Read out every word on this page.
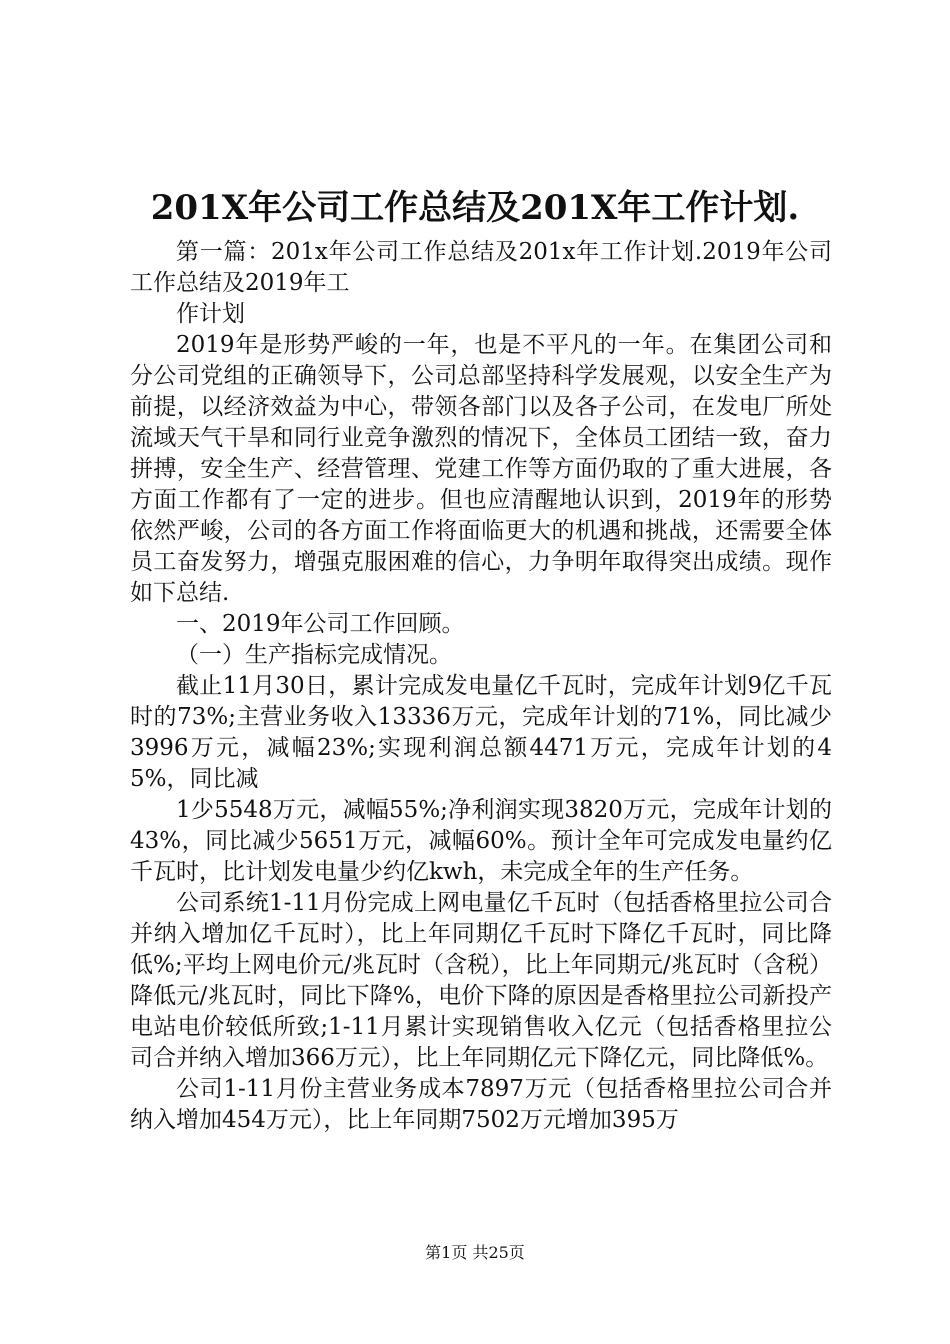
201X年公司工作总结及201X年工作计划.

第一篇：201x年公司工作总结及201x年工作计划.2019年公司工作总结及2019年工

作计划

2019年是形势严峻的一年，也是不平凡的一年。在集团公司和分公司党组的正确领导下，公司总部坚持科学发展观，以安全生产为前提，以经济效益为中心，带领各部门以及各子公司，在发电厂所处流域天气干旱和同行业竞争激烈的情况下，全体员工团结一致，奋力拼搏，安全生产、经营管理、党建工作等方面仍取的了重大进展，各方面工作都有了一定的进步。但也应清醒地认识到，2019年的形势依然严峻，公司的各方面工作将面临更大的机遇和挑战，还需要全体员工奋发努力，增强克服困难的信心，力争明年取得突出成绩。现作如下总结.

一、2019年公司工作回顾。

（一）生产指标完成情况。

截止11月30日，累计完成发电量亿千瓦时，完成年计划9亿千瓦时的73%;主营业务收入13336万元，完成年计划的71%，同比减少3996万元，减幅23%;实现利润总额4471万元，完成年计划的45%，同比减

1少5548万元，减幅55%;净利润实现3820万元，完成年计划的43%，同比减少5651万元，减幅60%。预计全年可完成发电量约亿千瓦时，比计划发电量少约亿kwh，未完成全年的生产任务。

公司系统1-11月份完成上网电量亿千瓦时（包括香格里拉公司合并纳入增加亿千瓦时），比上年同期亿千瓦时下降亿千瓦时，同比降低%;平均上网电价元/兆瓦时（含税），比上年同期元/兆瓦时（含税）降低元/兆瓦时，同比下降%，电价下降的原因是香格里拉公司新投产电站电价较低所致;1-11月累计实现销售收入亿元（包括香格里拉公司合并纳入增加366万元），比上年同期亿元下降亿元，同比降低%。

公司1-11月份主营业务成本7897万元（包括香格里拉公司合并纳入增加454万元），比上年同期7502万元增加395万

第1页 共25页
